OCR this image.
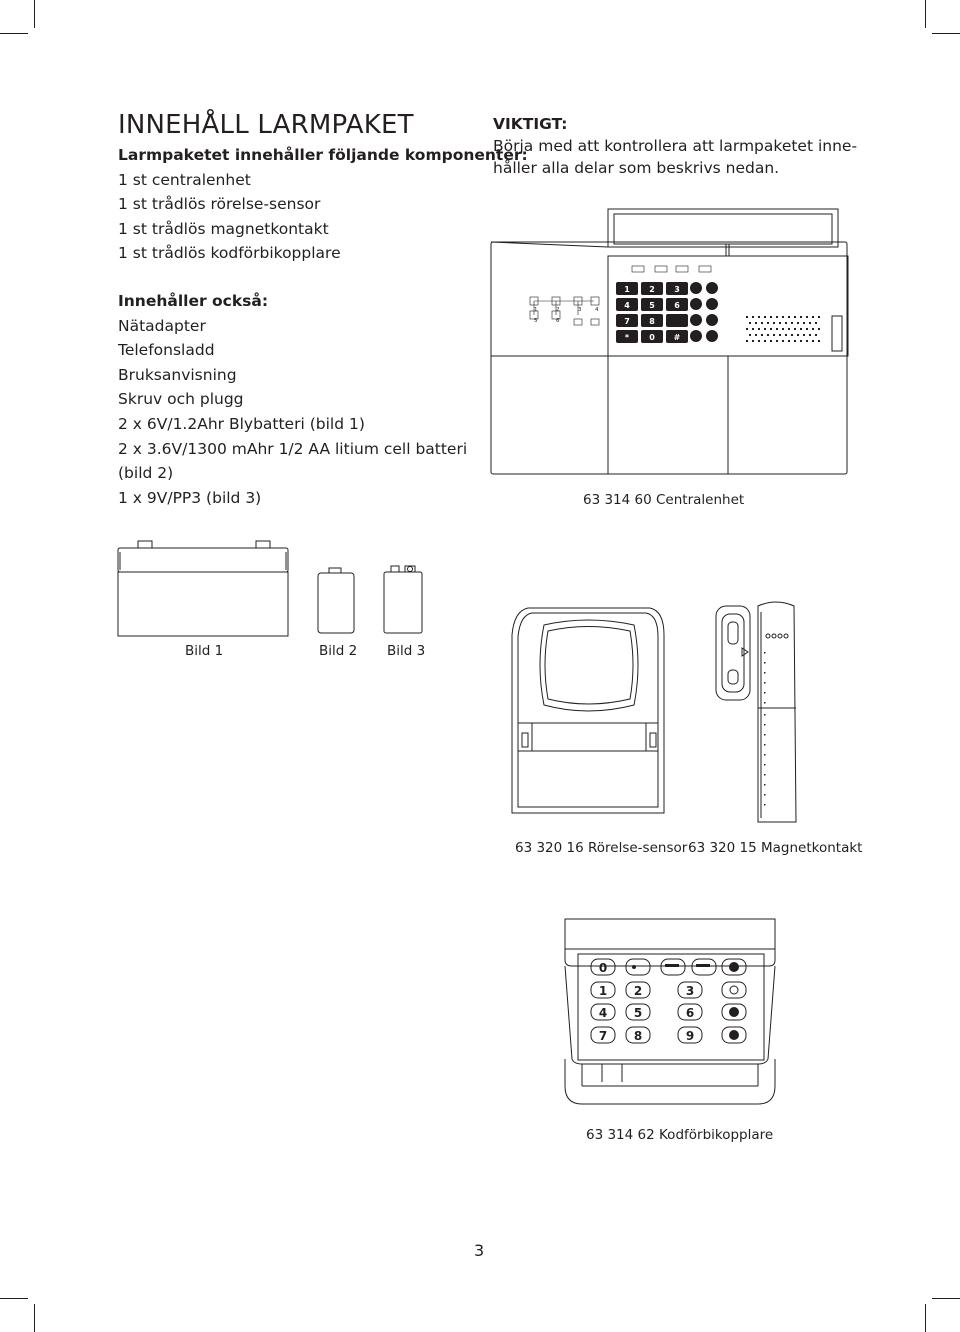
INNEHÅLL LARMPAKET
Larmpaketet innehåller följande komponenter:
1 st centralenhet
1 st trådlös rörelse-sensor
1 st trådlös magnetkontakt
1 st trådlös kodförbikopplare
Innehåller också:
Nätadapter
Telefonsladd
Bruksanvisning
Skruv och plugg
2 x 6V/1.2Ahr Blybatteri (bild 1)
2 x 3.6V/1300 mAhr 1/2 AA litium cell batteri
(bild 2)
1 x 9V/PP3 (bild 3)
VIKTIGT:
Börja med att kontrollera att larmpaketet inne-
håller alla delar som beskrivs nedan.
1	2	3 4
5	6
1 2 3
4 5 6
7 8
*	0 #
63 314 60 Centralenhet
Bild 1	Bild 2 Bild 3
63 320 16 Rörelse-sensor 63 320 15 Magnetkontakt
0
1 2	3
4 5	6
7 8	9
63 314 62 Kodförbikopplare
3
